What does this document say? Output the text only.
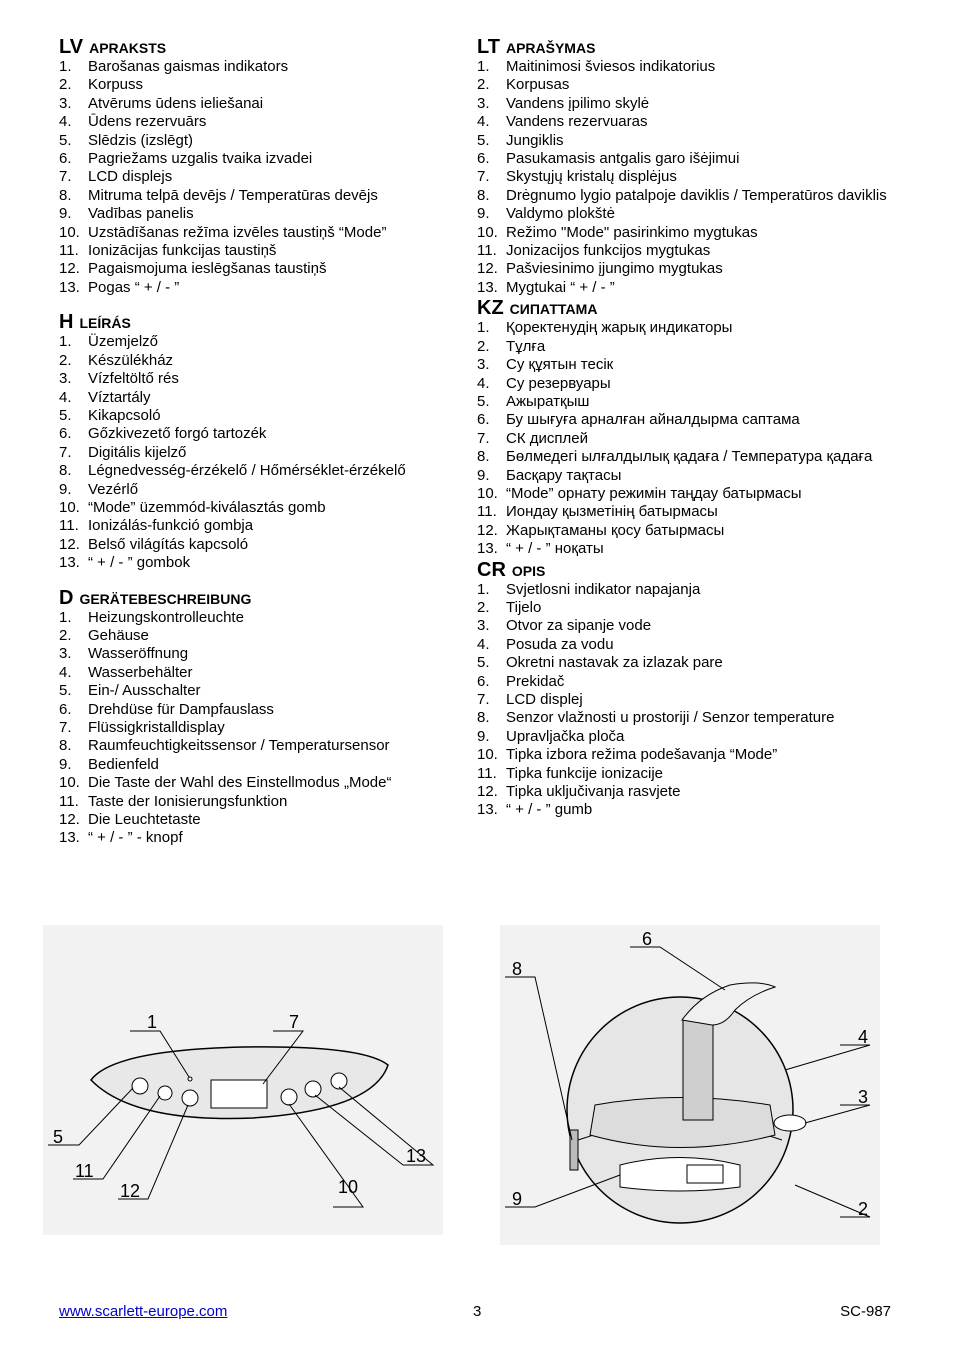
LV APRAKSTS
1.	Barošanas gaismas indikators
2.	Korpuss
3.	Atvērums ūdens ieliešanai
4.	Ūdens rezervuārs
5.	Slēdzis (izslēgt)
6.	Pagriežams uzgalis tvaika izvadei
7.	LCD displejs
8.	Mitruma telpā devējs / Temperatūras devējs
9.	Vadības panelis
10. Uzstādīšanas režīma izvēles taustiņš “Mode”
11. Ionizācijas funkcijas taustiņš
12. Pagaismojuma ieslēgšanas taustiņš
13. Pogas “ + / - ”
H LEÍRÁS
1.	Üzemjelző
2.	Készülékház
3.	Vízfeltöltő rés
4.	Víztartály
5.	Kikapcsoló
6.	Gőzkivezető forgó tartozék
7.	Digitális kijelző
8.	Légnedvesség-érzékelő / Hőmérséklet-érzékelő
9.	Vezérlő
10. “Mode” üzemmód-kiválasztás gomb
11. Ionizálás-funkció gombja
12. Belső világítás kapcsoló
13. “ + / - ” gombok
D GERÄTEBESCHREIBUNG
1.	Heizungskontrolleuchte
2.	Gehäuse
3.	Wasseröffnung
4.	Wasserbehälter
5.	Ein-/ Ausschalter
6.	Drehdüse für Dampfauslass
7.	Flüssigkristalldisplay
8.	Raumfeuchtigkeitssensor / Temperatursensor
9.	Bedienfeld
10. Die Taste der Wahl des Einstellmodus „Mode“
11. Taste der Ionisierungsfunktion
12. Die Leuchtetaste
13. “ + / - ” - knopf
LT APRAŠYMAS
1.	Maitinimosi šviesos indikatorius
2.	Korpusas
3.	Vandens įpilimo skylė
4.	Vandens rezervuaras
5.	Jungiklis
6.	Pasukamasis antgalis garo išėjimui
7.	Skystųjų kristalų displėjus
8.	Drėgnumo lygio patalpoje daviklis / Temperatūros daviklis
9.	Valdymo plokštė
10. Režimo "Mode" pasirinkimo mygtukas
11. Jonizacijos funkcijos mygtukas
12. Pašviesinimo įjungimo mygtukas
13. Mygtukai “ + / - ”
KZ СИПАТТАМА
1.	Қоректенудің жарық индикаторы
2.	Тұлға
3.	Су құятын тесік
4.	Су резервуары
5.	Ажыратқыш
6.	Бу шығуға арналған айналдырма саптама
7.	СК дисплей
8.	Бөлмедегі ылғалдылық қадаға / Температура қадаға
9.	Басқару тақтасы
10. “Mode” орнату режимін таңдау батырмасы
11. Иондау қызметінің батырмасы
12. Жарықтаманы қосу батырмасы
13. “ + / - ” ноқаты
CR OPIS
1.	Svjetlosni indikator napajanja
2.	Tijelo
3.	Otvor za sipanje vode
4.	Posuda za vodu
5.	Okretni nastavak za izlazak pare
6.	Prekidač
7.	LCD displej
8.	Senzor vlažnosti u prostoriji / Senzor temperature
9.	Upravljačka ploča
10. Tipka izbora režima podešavanja “Mode”
11. Tipka funkcije ionizacije
12. Tipka uključivanja rasvjete
13. “ + / - ” gumb
1	7
5
11
12	10
13
6
4
8
3
9	2
www.scarlett-europe.com	3	SC-987
